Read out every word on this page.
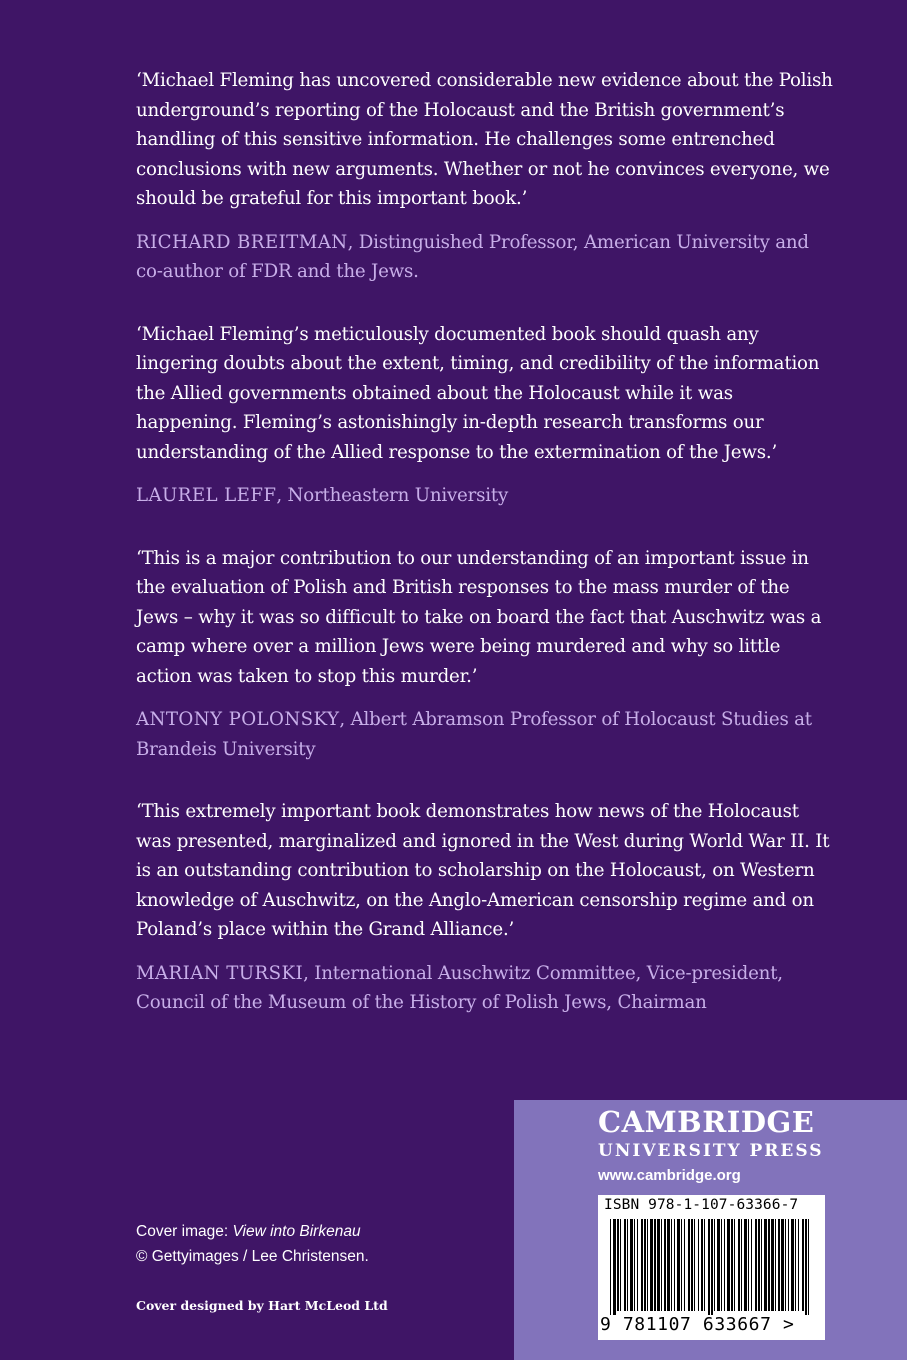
‘Michael Fleming has uncovered considerable new evidence about the Polish underground’s reporting of the Holocaust and the British government’s handling of this sensitive information. He challenges some entrenched conclusions with new arguments. Whether or not he convinces everyone, we should be grateful for this important book.’

RICHARD BREITMAN, Distinguished Professor, American University and co-author of FDR and the Jews.

‘Michael Fleming’s meticulously documented book should quash any lingering doubts about the extent, timing, and credibility of the information the Allied governments obtained about the Holocaust while it was happening. Fleming’s astonishingly in-depth research transforms our understanding of the Allied response to the extermination of the Jews.’

LAUREL LEFF, Northeastern University

‘This is a major contribution to our understanding of an important issue in the evaluation of Polish and British responses to the mass murder of the Jews – why it was so difficult to take on board the fact that Auschwitz was a camp where over a million Jews were being murdered and why so little action was taken to stop this murder.’

ANTONY POLONSKY, Albert Abramson Professor of Holocaust Studies at Brandeis University

‘This extremely important book demonstrates how news of the Holocaust was presented, marginalized and ignored in the West during World War II. It is an outstanding contribution to scholarship on the Holocaust, on Western knowledge of Auschwitz, on the Anglo-American censorship regime and on Poland’s place within the Grand Alliance.’

MARIAN TURSKI, International Auschwitz Committee, Vice-president, Council of the Museum of the History of Polish Jews, Chairman

Cover image: View into Birkenau

© Gettyimages / Lee Christensen.

Cover designed by Hart McLeod Ltd
CAMBRIDGE
UNIVERSITY PRESS
www.cambridge.org
ISBN 978-1-107-63366-7
9 781107 633667 >
